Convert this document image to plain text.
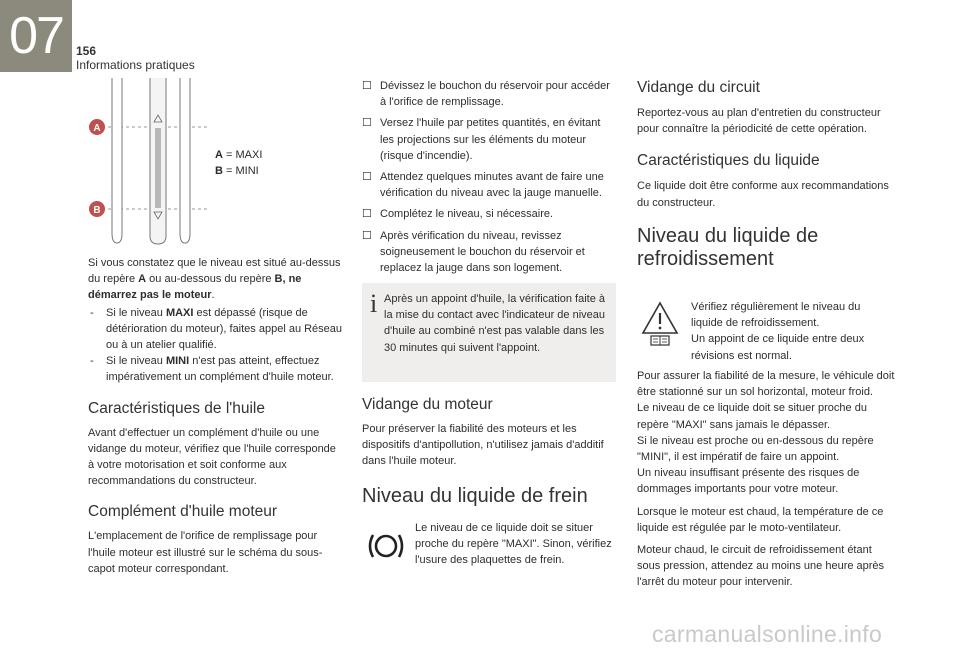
07	156
Informations pratiques
A
B
A = MAXI
B = MINI

Si vous constatez que le niveau est situé au-dessus du repère A ou au-dessous du repère B, ne démarrez pas le moteur.

- Si le niveau MAXI est dépassé (risque de détérioration du moteur), faites appel au Réseau ou à un atelier qualifié.

- Si le niveau MINI n'est pas atteint, effectuez impérativement un complément d'huile moteur.

Caractéristiques de l'huile

Avant d'effectuer un complément d'huile ou une vidange du moteur, vérifiez que l'huile corresponde à votre motorisation et soit conforme aux recommandations du constructeur.

Complément d'huile moteur

L'emplacement de l'orifice de remplissage pour l'huile moteur est illustré sur le schéma du sous-capot moteur correspondant.

☐ Dévissez le bouchon du réservoir pour accéder à l'orifice de remplissage.

☐ Versez l'huile par petites quantités, en évitant les projections sur les éléments du moteur (risque d'incendie).

☐ Attendez quelques minutes avant de faire une vérification du niveau avec la jauge manuelle.

☐ Complétez le niveau, si nécessaire.

☐ Après vérification du niveau, revissez soigneusement le bouchon du réservoir et replacez la jauge dans son logement.

i Après un appoint d'huile, la vérification faite à la mise du contact avec l'indicateur de niveau d'huile au combiné n'est pas valable dans les 30 minutes qui suivent l'appoint.
Vidange du moteur

Pour préserver la fiabilité des moteurs et les dispositifs d'antipollution, n'utilisez jamais d'additif dans l'huile moteur.

Niveau du liquide de frein
Le niveau de ce liquide doit se situer proche du repère "MAXI". Sinon, vérifiez l'usure des plaquettes de frein.
Vidange du circuit

Reportez-vous au plan d'entretien du constructeur pour connaître la périodicité de cette opération.

Caractéristiques du liquide

Ce liquide doit être conforme aux recommandations du constructeur.

Niveau du liquide de refroidissement
Vérifiez régulièrement le niveau du liquide de refroidissement.
Un appoint de ce liquide entre deux révisions est normal.

Pour assurer la fiabilité de la mesure, le véhicule doit être stationné sur un sol horizontal, moteur froid.
Le niveau de ce liquide doit se situer proche du repère "MAXI" sans jamais le dépasser.
Si le niveau est proche ou en-dessous du repère "MINI", il est impératif de faire un appoint.
Un niveau insuffisant présente des risques de dommages importants pour votre moteur.

Lorsque le moteur est chaud, la température de ce liquide est régulée par le moto-ventilateur.

Moteur chaud, le circuit de refroidissement étant sous pression, attendez au moins une heure après l'arrêt du moteur pour intervenir.

carmanualsonline.info
